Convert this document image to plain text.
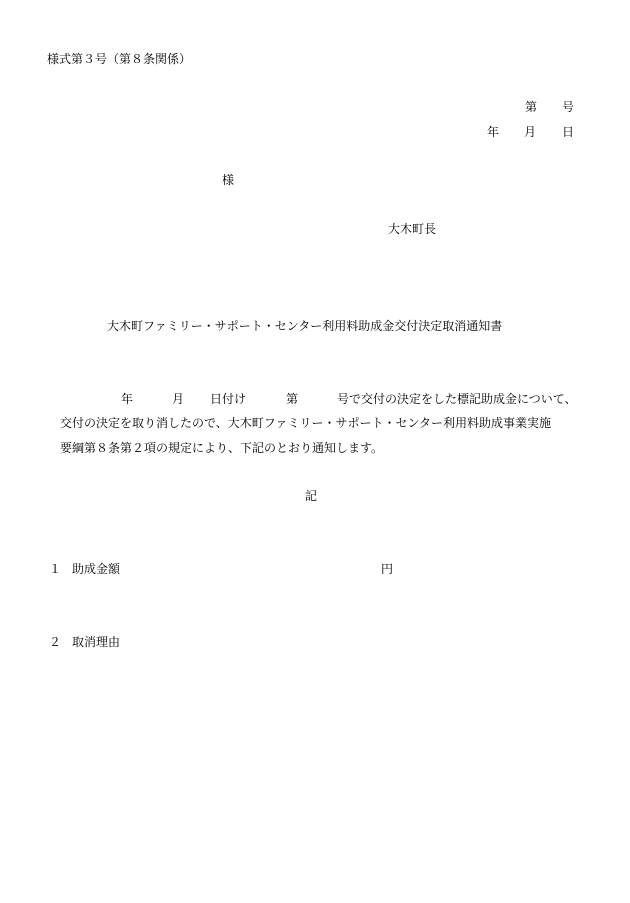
様式第３号（第８条関係）
第 号
年 月 日
様
大木町長
大木町ファミリー・サポート・センター利用料助成金交付決定取消通知書
年	月 日付け	第	号で交付の決定をした標記助成金について、
交付の決定を取り消したので、大木町ファミリー・サポート・センター利用料助成事業実施
要綱第８条第２項の規定により、下記のとおり通知します。
記
１ 助成金額	円
２ 取消理由
